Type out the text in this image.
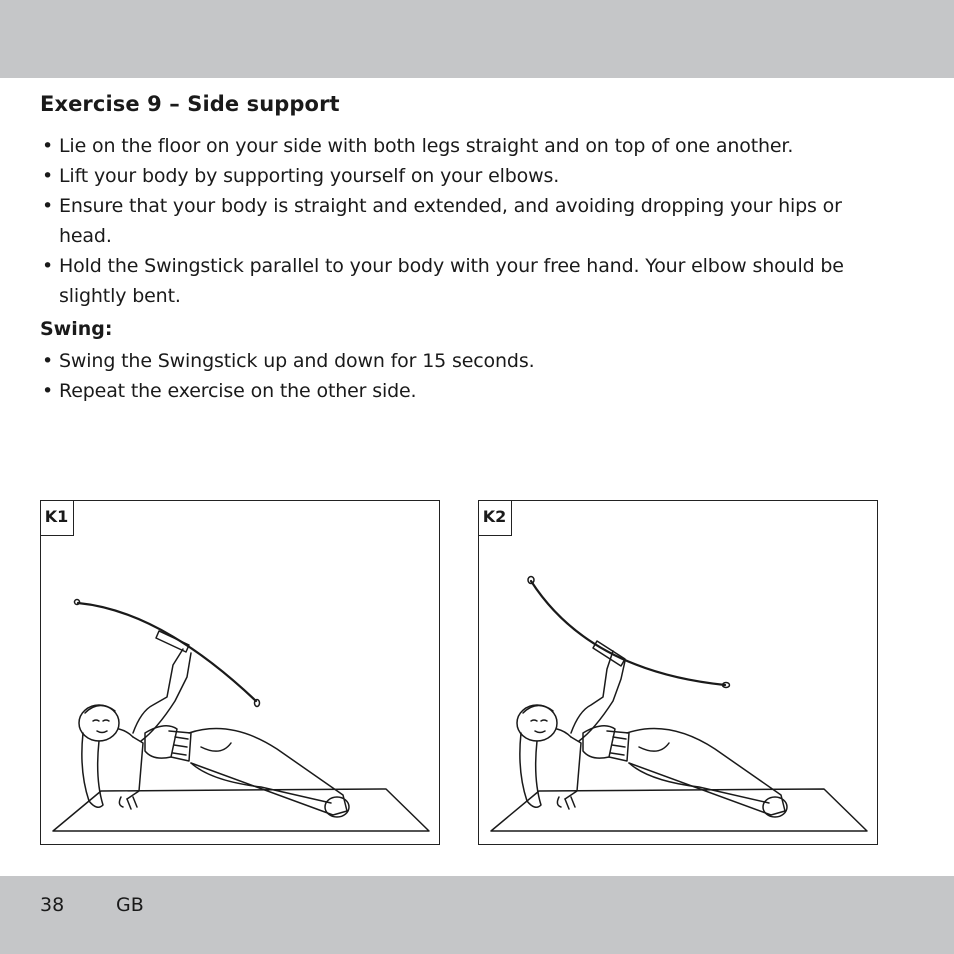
Exercise 9 – Side support
• Lie on the floor on your side with both legs straight and on top of one another.
• Lift your body by supporting yourself on your elbows.
• Ensure that your body is straight and extended, and avoiding dropping your hips or head.
• Hold the Swingstick parallel to your body with your free hand. Your elbow should be slightly bent.
Swing:
• Swing the Swingstick up and down for 15 seconds.
• Repeat the exercise on the other side.
K1	K2
38	GB
